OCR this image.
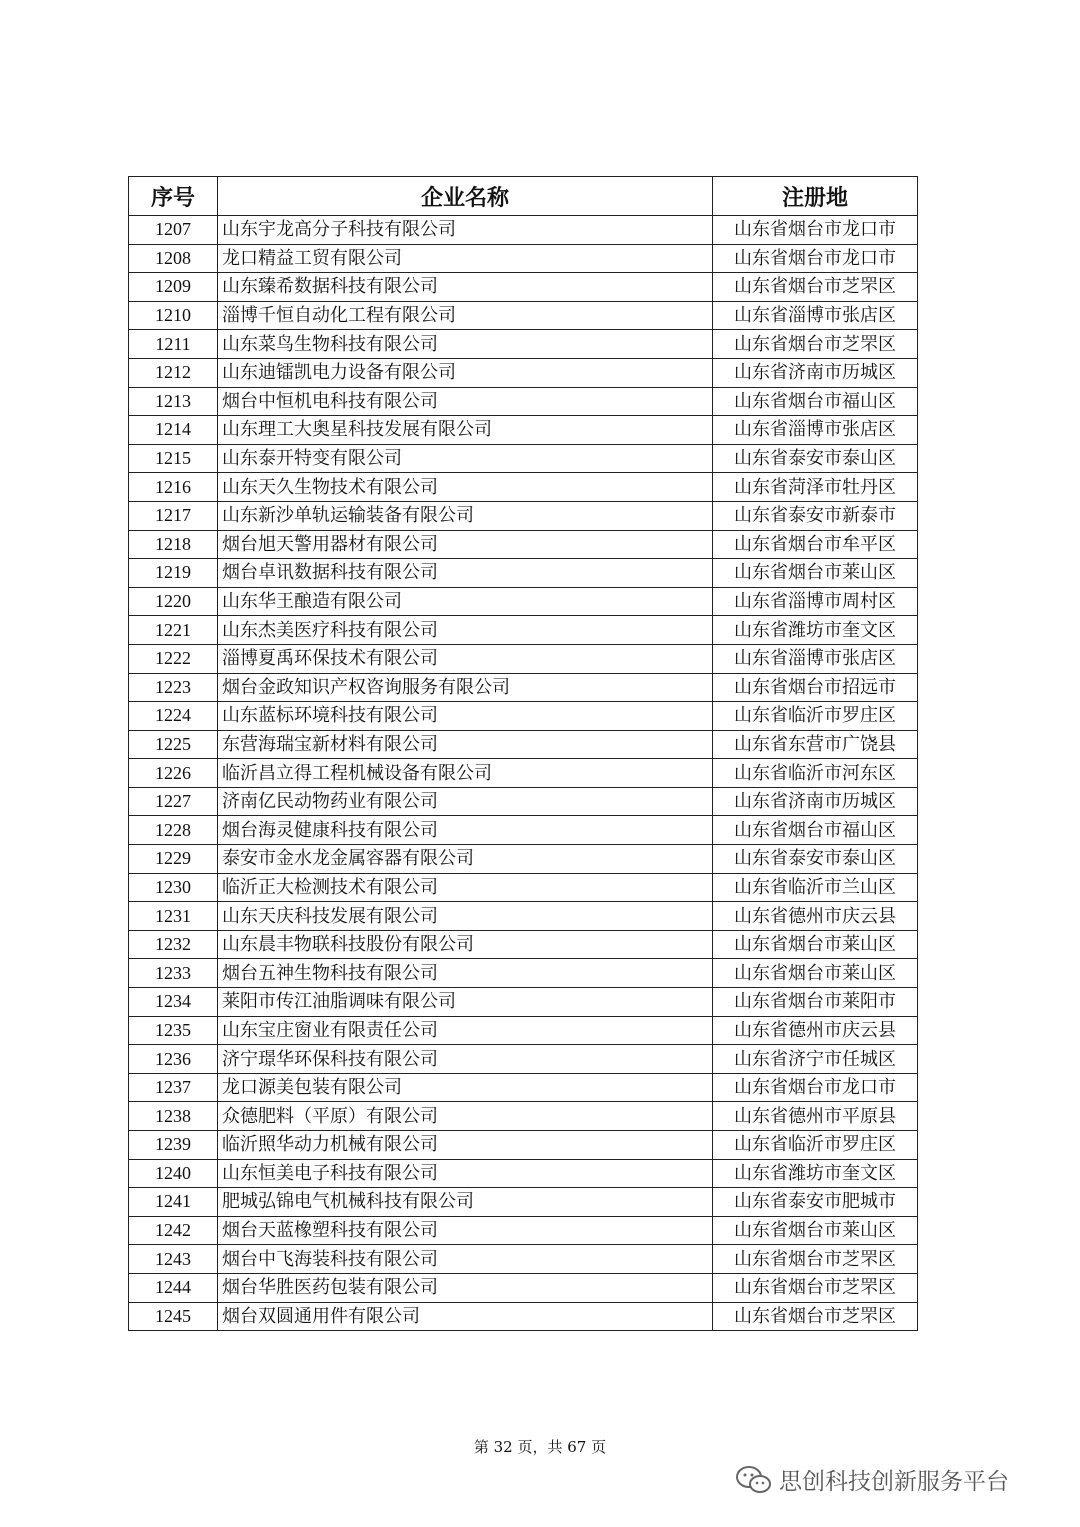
序号	企业名称	注册地
1207	山东宇龙高分子科技有限公司	山东省烟台市龙口市
1208	龙口精益工贸有限公司	山东省烟台市龙口市
1209	山东臻希数据科技有限公司	山东省烟台市芝罘区
1210	淄博千恒自动化工程有限公司	山东省淄博市张店区
1211	山东菜鸟生物科技有限公司	山东省烟台市芝罘区
1212	山东迪镭凯电力设备有限公司	山东省济南市历城区
1213	烟台中恒机电科技有限公司	山东省烟台市福山区
1214	山东理工大奥星科技发展有限公司	山东省淄博市张店区
1215	山东泰开特变有限公司	山东省泰安市泰山区
1216	山东天久生物技术有限公司	山东省菏泽市牡丹区
1217	山东新沙单轨运输装备有限公司	山东省泰安市新泰市
1218	烟台旭天警用器材有限公司	山东省烟台市牟平区
1219	烟台卓讯数据科技有限公司	山东省烟台市莱山区
1220	山东华王酿造有限公司	山东省淄博市周村区
1221	山东杰美医疗科技有限公司	山东省潍坊市奎文区
1222	淄博夏禹环保技术有限公司	山东省淄博市张店区
1223	烟台金政知识产权咨询服务有限公司	山东省烟台市招远市
1224	山东蓝标环境科技有限公司	山东省临沂市罗庄区
1225	东营海瑞宝新材料有限公司	山东省东营市广饶县
1226	临沂昌立得工程机械设备有限公司	山东省临沂市河东区
1227	济南亿民动物药业有限公司	山东省济南市历城区
1228	烟台海灵健康科技有限公司	山东省烟台市福山区
1229	泰安市金水龙金属容器有限公司	山东省泰安市泰山区
1230	临沂正大检测技术有限公司	山东省临沂市兰山区
1231	山东天庆科技发展有限公司	山东省德州市庆云县
1232	山东晨丰物联科技股份有限公司	山东省烟台市莱山区
1233	烟台五神生物科技有限公司	山东省烟台市莱山区
1234	莱阳市传江油脂调味有限公司	山东省烟台市莱阳市
1235	山东宝庄窗业有限责任公司	山东省德州市庆云县
1236	济宁璟华环保科技有限公司	山东省济宁市任城区
1237	龙口源美包装有限公司	山东省烟台市龙口市
1238	众德肥料（平原）有限公司	山东省德州市平原县
1239	临沂照华动力机械有限公司	山东省临沂市罗庄区
1240	山东恒美电子科技有限公司	山东省潍坊市奎文区
1241	肥城弘锦电气机械科技有限公司	山东省泰安市肥城市
1242	烟台天蓝橡塑科技有限公司	山东省烟台市莱山区
1243	烟台中飞海装科技有限公司	山东省烟台市芝罘区
1244	烟台华胜医药包装有限公司	山东省烟台市芝罘区
1245	烟台双圆通用件有限公司	山东省烟台市芝罘区
第 32 页，共 67 页
思创科技创新服务平台
